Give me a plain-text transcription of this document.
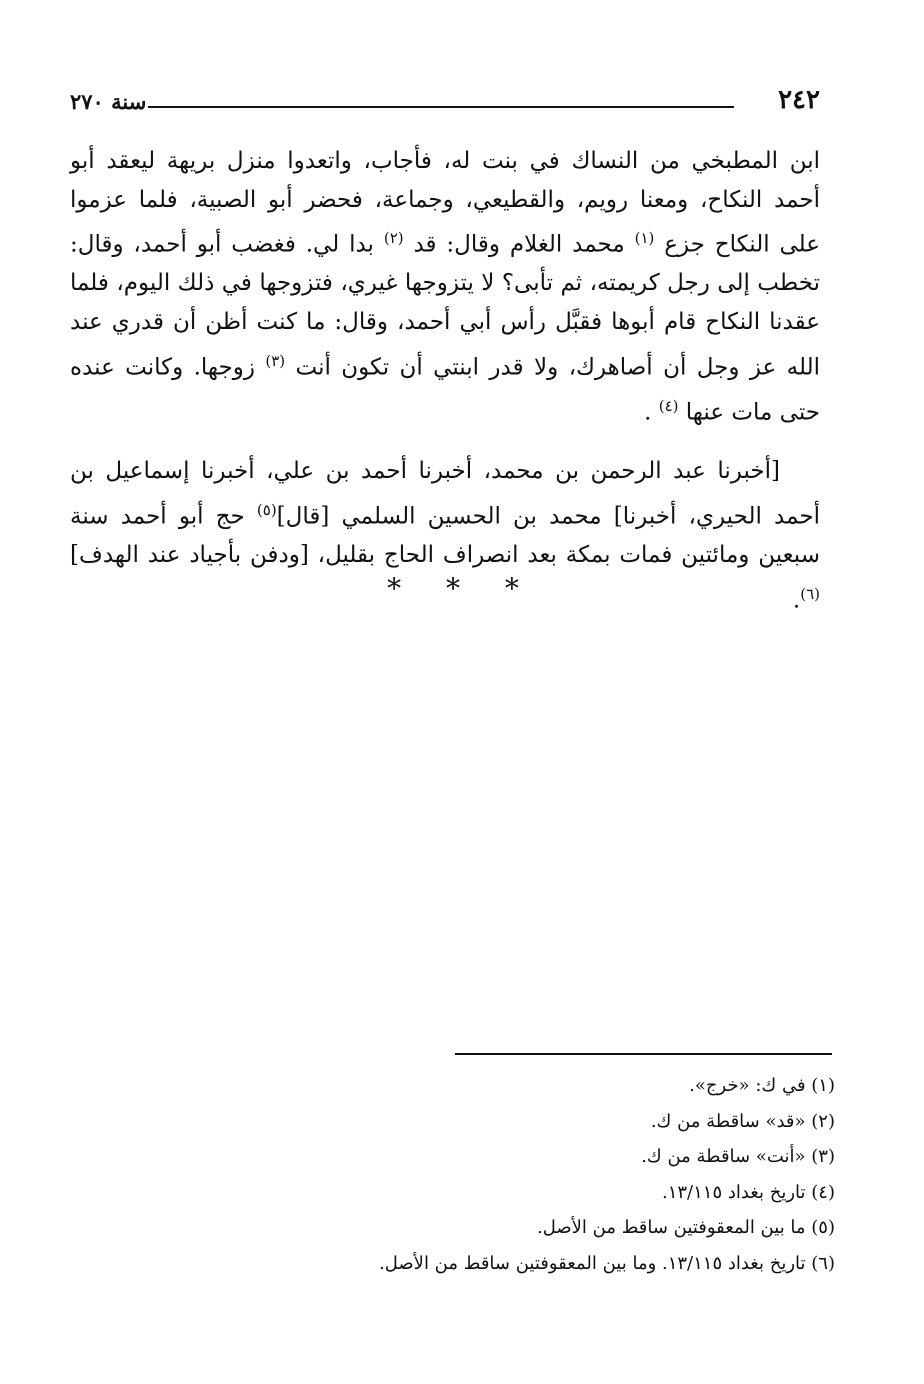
٢٤٢
سنة ٢٧٠

ابن المطبخي من النساك في بنت له، فأجاب، واتعدوا منزل بريهة ليعقد أبو أحمد النكاح، ومعنا رويم، والقطيعي، وجماعة، فحضر أبو الصبية، فلما عزموا على النكاح جزع $^{(١)}$ محمد الغلام وقال: قد $^{(٢)}$ بدا لي. فغضب أبو أحمد، وقال: تخطب إلى رجل كريمته، ثم تأبى؟ لا يتزوجها غيري، فتزوجها في ذلك اليوم، فلما عقدنا النكاح قام أبوها فقبَّل رأس أبي أحمد، وقال: ما كنت أظن أن قدري عند الله عز وجل أن أصاهرك، ولا قدر ابنتي أن تكون أنت $^{(٣)}$ زوجها. وكانت عنده حتى مات عنها $^{(٤)}$ .

[أخبرنا عبد الرحمن بن محمد، أخبرنا أحمد بن علي، أخبرنا إسماعيل بن أحمد الحيري، أخبرنا] محمد بن الحسين السلمي [قال]$^{(٥)}$ حج أبو أحمد سنة سبعين ومائتين فمات بمكة بعد انصراف الحاج بقليل، [ودفن بأجياد عند الهدف]$^{(٦)}$.

* * *
(١) في ك: «خرج».
(٢) «قد» ساقطة من ك.
(٣) «أنت» ساقطة من ك.
(٤) تاريخ بغداد ١٣/١١٥.
(٥) ما بين المعقوفتين ساقط من الأصل.
(٦) تاريخ بغداد ١٣/١١٥. وما بين المعقوفتين ساقط من الأصل.
